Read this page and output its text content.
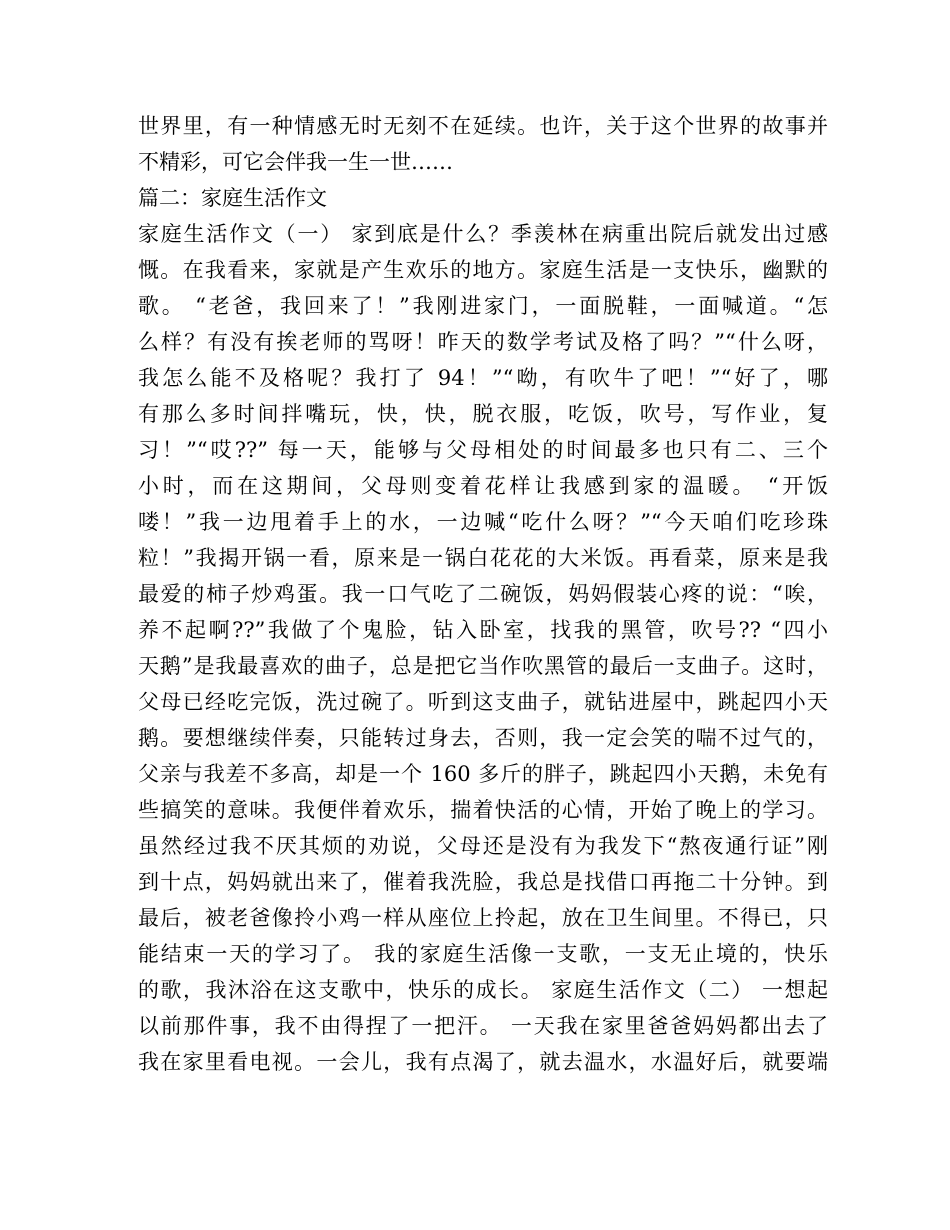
世界里，有一种情感无时无刻不在延续。也许，关于这个世界的故事并
不精彩，可它会伴我一生一世……
篇二：家庭生活作文
家庭生活作文（一） 家到底是什么？季羡林在病重出院后就发出过感
慨。在我看来，家就是产生欢乐的地方。家庭生活是一支快乐，幽默的
歌。 “老爸，我回来了！”我刚进家门，一面脱鞋，一面喊道。“怎
么样？有没有挨老师的骂呀！昨天的数学考试及格了吗？”“什么呀，
我怎么能不及格呢？我打了 94！”“呦，有吹牛了吧！”“好了，哪
有那么多时间拌嘴玩，快，快，脱衣服，吃饭，吹号，写作业，复
习！”“哎??” 每一天，能够与父母相处的时间最多也只有二、三个
小时，而在这期间，父母则变着花样让我感到家的温暖。 “开饭
喽！”我一边甩着手上的水，一边喊“吃什么呀？”“今天咱们吃珍珠
粒！”我揭开锅一看，原来是一锅白花花的大米饭。再看菜，原来是我
最爱的柿子炒鸡蛋。我一口气吃了二碗饭，妈妈假装心疼的说：“唉，
养不起啊??”我做了个鬼脸，钻入卧室，找我的黑管，吹号?? “四小
天鹅”是我最喜欢的曲子，总是把它当作吹黑管的最后一支曲子。这时，
父母已经吃完饭，洗过碗了。听到这支曲子，就钻进屋中，跳起四小天
鹅。要想继续伴奏，只能转过身去，否则，我一定会笑的喘不过气的，
父亲与我差不多高，却是一个 160 多斤的胖子，跳起四小天鹅，未免有
些搞笑的意味。我便伴着欢乐，揣着快活的心情，开始了晚上的学习。
虽然经过我不厌其烦的劝说，父母还是没有为我发下“熬夜通行证”刚
到十点，妈妈就出来了，催着我洗脸，我总是找借口再拖二十分钟。到
最后，被老爸像拎小鸡一样从座位上拎起，放在卫生间里。不得已，只
能结束一天的学习了。 我的家庭生活像一支歌，一支无止境的，快乐
的歌，我沐浴在这支歌中，快乐的成长。 家庭生活作文（二） 一想起
以前那件事，我不由得捏了一把汗。 一天我在家里爸爸妈妈都出去了
我在家里看电视。一会儿，我有点渴了，就去温水，水温好后，就要端
